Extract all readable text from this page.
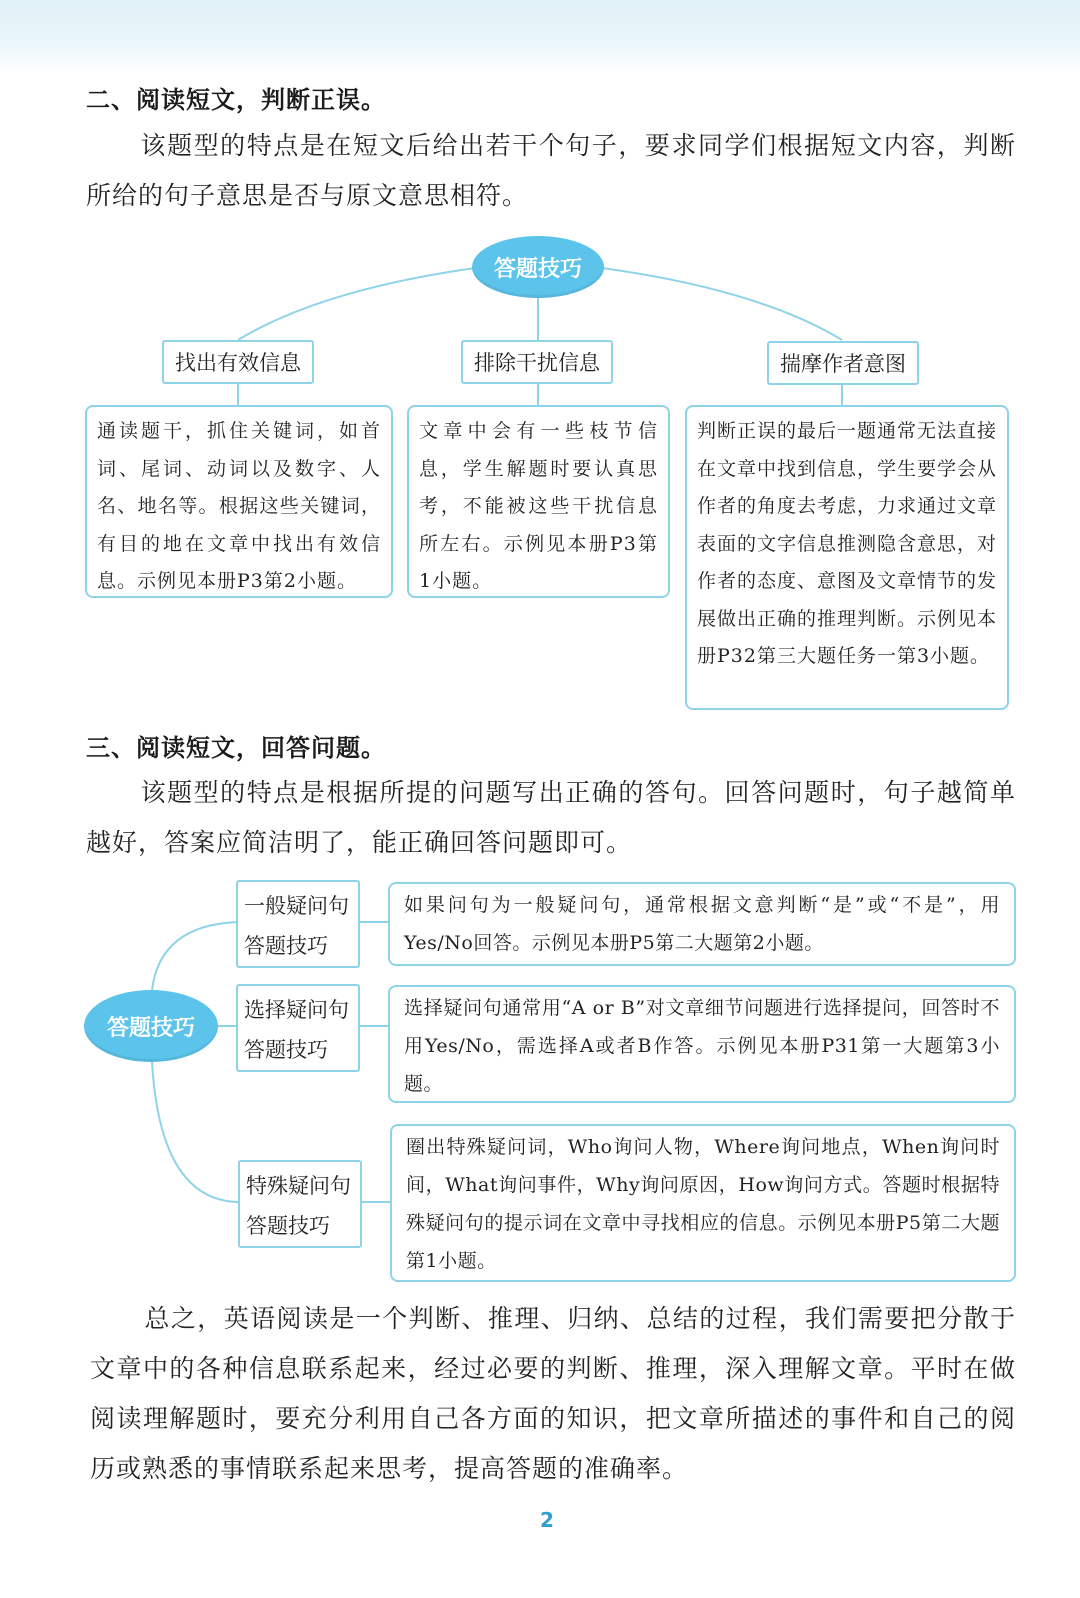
二、阅读短文，判断正误。
该题型的特点是在短文后给出若干个句子，要求同学们根据短文内容，判断所给的句子意思是否与原文意思相符。
答题技巧
找出有效信息	排除干扰信息	揣摩作者意图
通读题干，抓住关键词，如首词、尾词、动词以及数字、人名、地名等。根据这些关键词，有目的地在文章中找出有效信息。示例见本册P3第2小题。
文章中会有一些枝节信息，学生解题时要认真思考，不能被这些干扰信息所左右。示例见本册P3第1小题。
判断正误的最后一题通常无法直接在文章中找到信息，学生要学会从作者的角度去考虑，力求通过文章表面的文字信息推测隐含意思，对作者的态度、意图及文章情节的发展做出正确的推理判断。示例见本册P32第三大题任务一第3小题。
三、阅读短文，回答问题。
该题型的特点是根据所提的问题写出正确的答句。回答问题时，句子越简单越好，答案应简洁明了，能正确回答问题即可。
答题技巧
一般疑问句
答题技巧
选择疑问句
答题技巧
特殊疑问句
答题技巧
如果问句为一般疑问句，通常根据文意判断“是”或“不是”，用Yes/No回答。示例见本册P5第二大题第2小题。
选择疑问句通常用“A or B”对文章细节问题进行选择提问，回答时不用Yes/No，需选择A或者B作答。示例见本册P31第一大题第3小题。
圈出特殊疑问词，Who询问人物，Where询问地点，When询问时间，What询问事件，Why询问原因，How询问方式。答题时根据特殊疑问句的提示词在文章中寻找相应的信息。示例见本册P5第二大题第1小题。
总之，英语阅读是一个判断、推理、归纳、总结的过程，我们需要把分散于文章中的各种信息联系起来，经过必要的判断、推理，深入理解文章。平时在做阅读理解题时，要充分利用自己各方面的知识，把文章所描述的事件和自己的阅历或熟悉的事情联系起来思考，提高答题的准确率。
2
